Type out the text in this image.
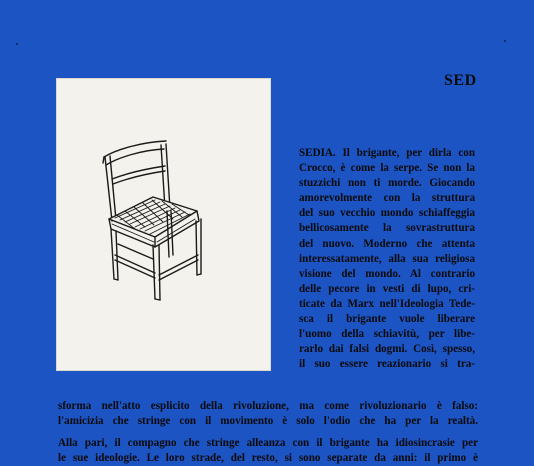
SED
SEDIA. Il brigante, per dirla con
Crocco, è come la serpe. Se non la
stuzzichi non ti morde. Giocando
amorevolmente con la struttura
del suo vecchio mondo schiaffeggia
bellicosamente la sovrastruttura
del nuovo. Moderno che attenta
interessatamente, alla sua religiosa
visione del mondo. Al contrario
delle pecore in vesti di lupo, cri-
ticate da Marx nell'Ideologia Tede-
sca il brigante vuole liberare
l'uomo della schiavitù, per libe-
rarlo dai falsi dogmi. Così, spesso,
il suo essere reazionario si tra-
sforma nell'atto esplicito della rivoluzione, ma come rivoluzionario è falso:
l'amicizia che stringe con il movimento è solo l'odio che ha per la realtà.
Alla pari, il compagno che stringe alleanza con il brigante ha idiosincrasie per
le sue ideologie. Le loro strade, del resto, si sono separate da anni: il primo è
